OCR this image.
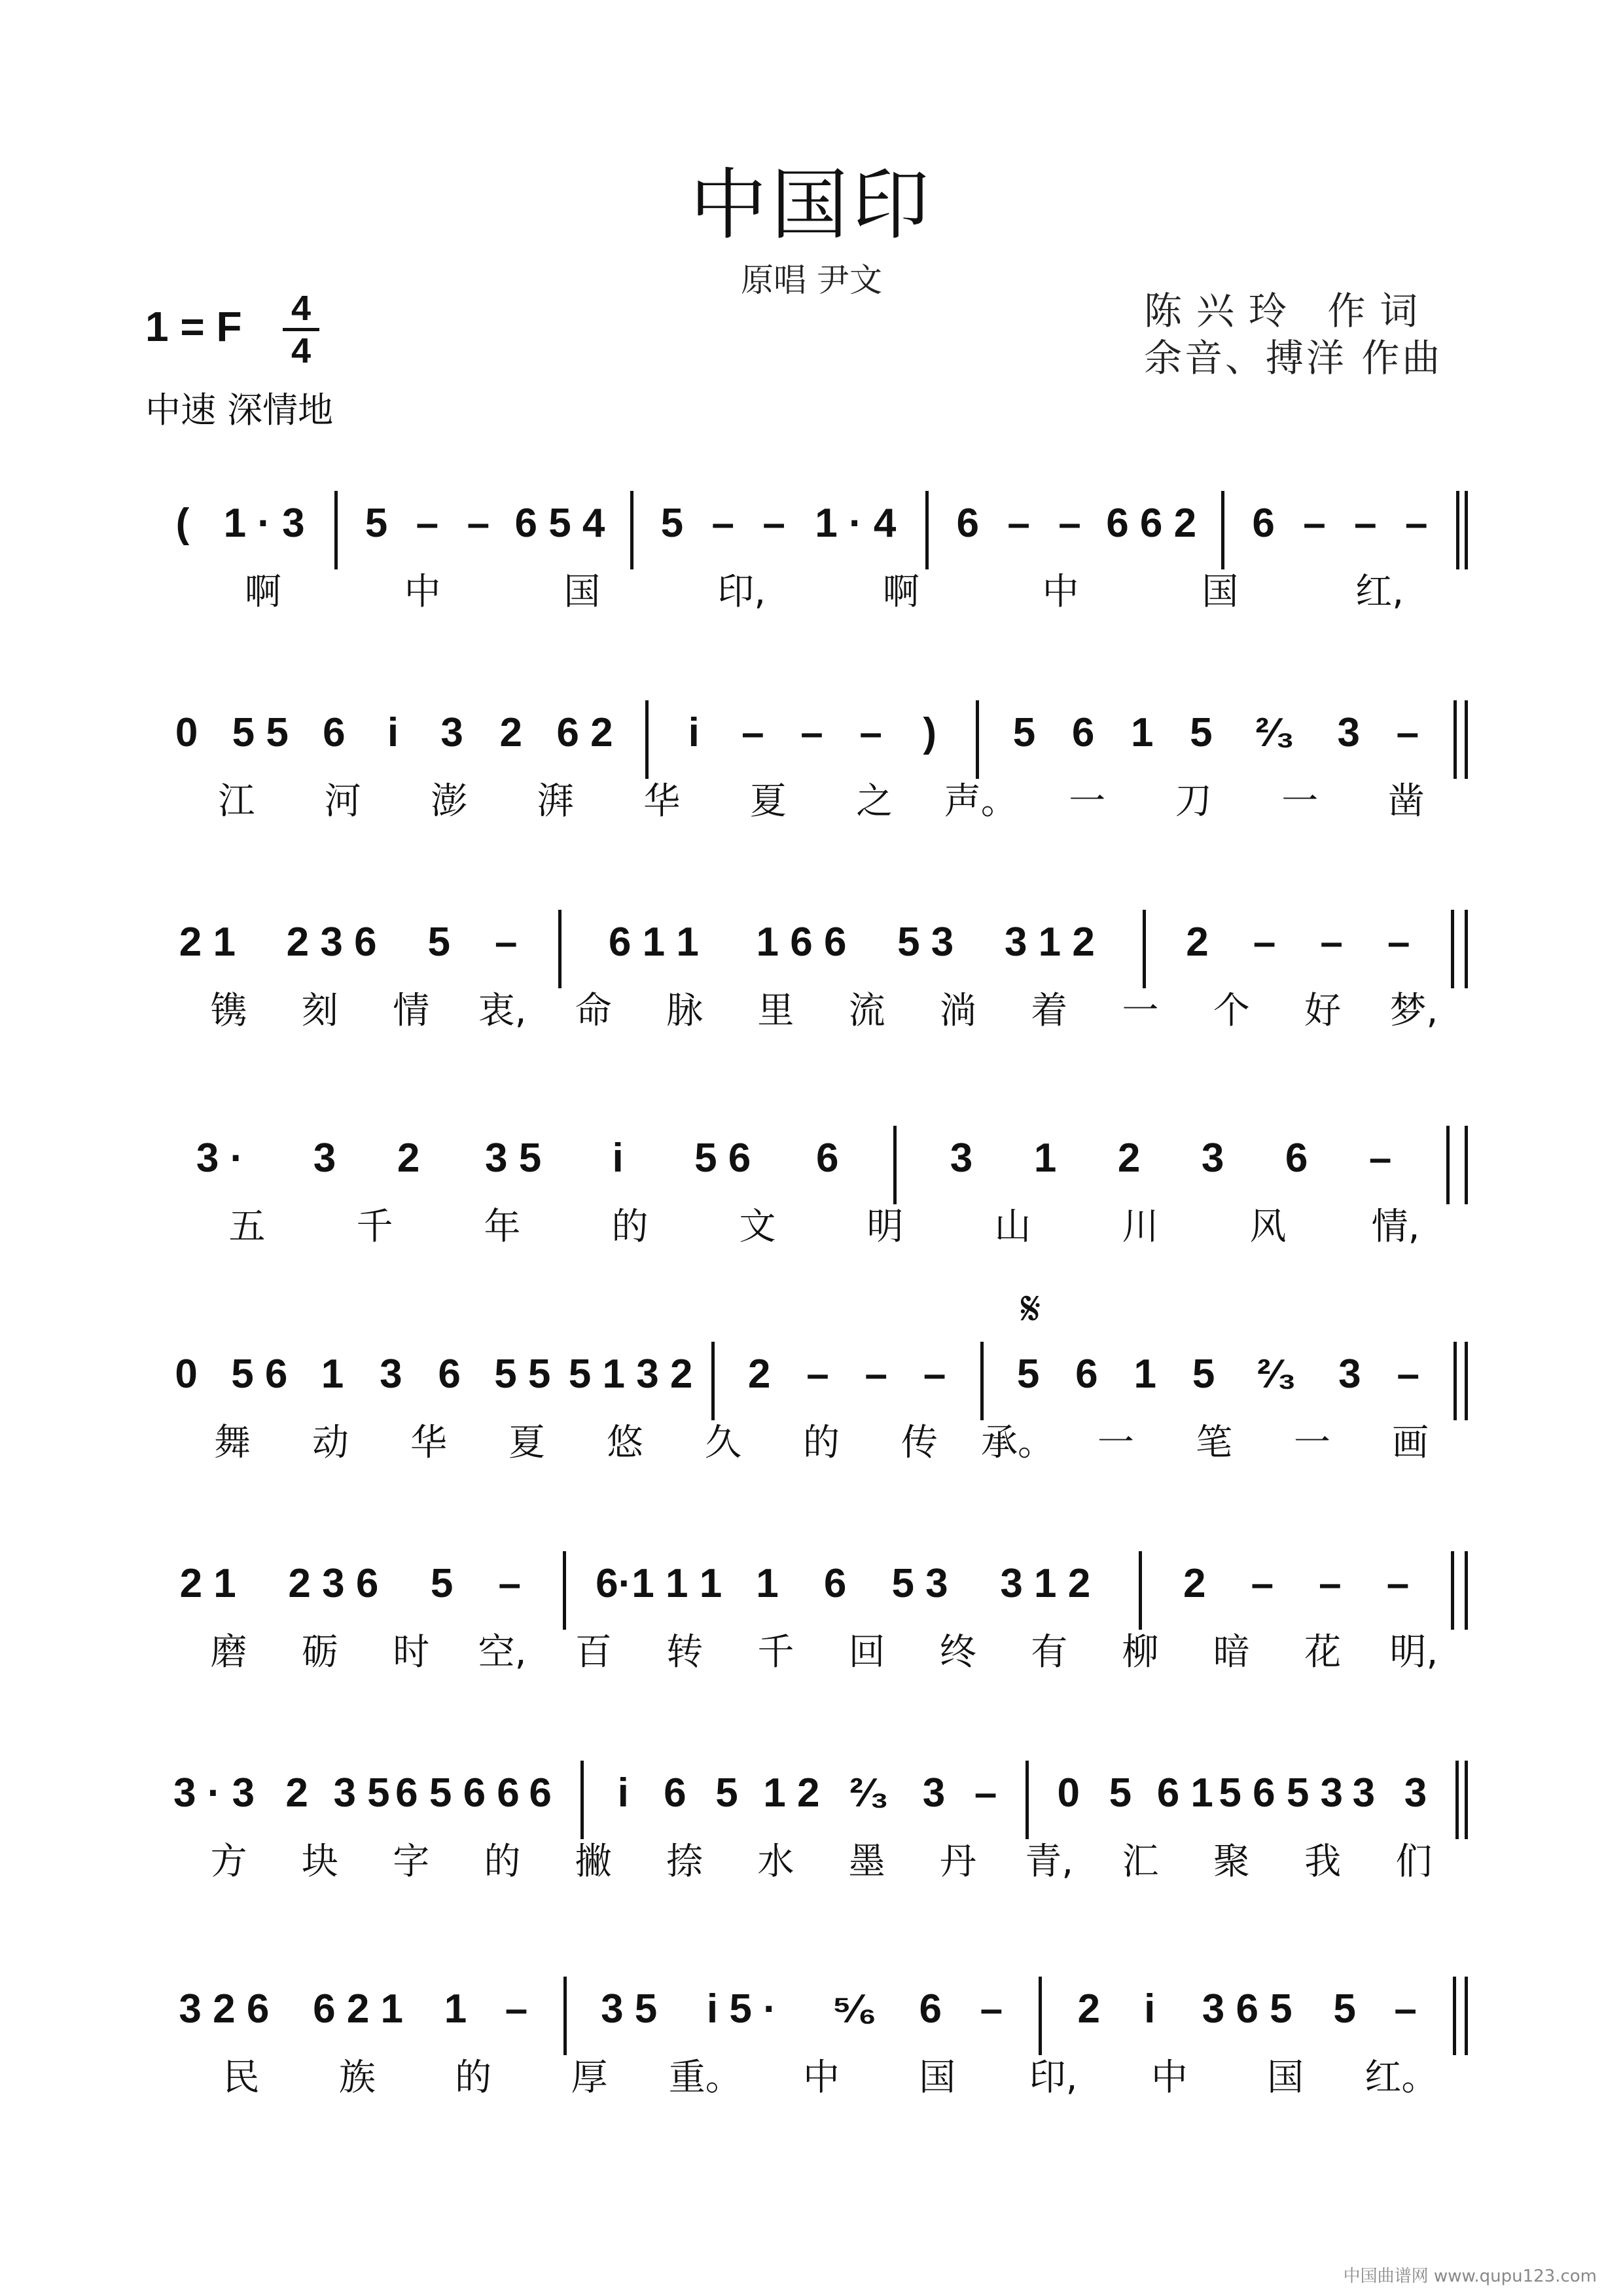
中国印
原唱 尹文
陈兴玲 作词
余音、搏洋 作曲
1 = F 4
4
中速 深情地
𝄋
( 1 · 3 5 – – 6 5 4 5 – – 1 · 4 6 – – 6 6 2 6 – – –
啊	中	国	印,	啊	中	国	红,
0 5 5 6 i 3 2 6 2 i – – – ) 5 6 1 5 ²⁄₃ 3 –
江 河 澎 湃 华 夏 之 声。 一 刀 一 凿
2 1 2 3 6 5 – 6 1 1 1 6 6 5 3 3 1 2 2 – – –
镌 刻 情 衷, 命 脉 里 流 淌 着 一 个 好 梦,
3 · 3 2 3 5 i 5 6 6	3 1 2 3 6 –
五 千 年 的 文 明 山 川 风 情,
0 5 6 1 3 6 5 5 5 1 3 2 2 – – – 5 6 1 5 ²⁄₃ 3 –
舞 动 华 夏 悠 久 的 传 承。 一 笔 一 画
2 1 2 3 6 5 – 6·1 1 1 1 6 5 3 3 1 2 2 – – –
磨 砺 时 空, 百 转 千 回 终 有 柳 暗 花 明,
3 · 3 2 3 5 6 5 6 6 6 i 6 5 1 2 ²⁄₃ 3 – 0 5 6 1 5 6 5 3 3 3
方 块 字 的 撇 捺 水 墨 丹 青, 汇 聚 我 们
3 2 6 6 2 1 1 – 3 5 i 5 · ⁵⁄₆ 6 – 2 i 3 6 5 5 –
民 族 的 厚 重。 中 国 印, 中 国 红。
中国曲谱网 www.qupu123.com
